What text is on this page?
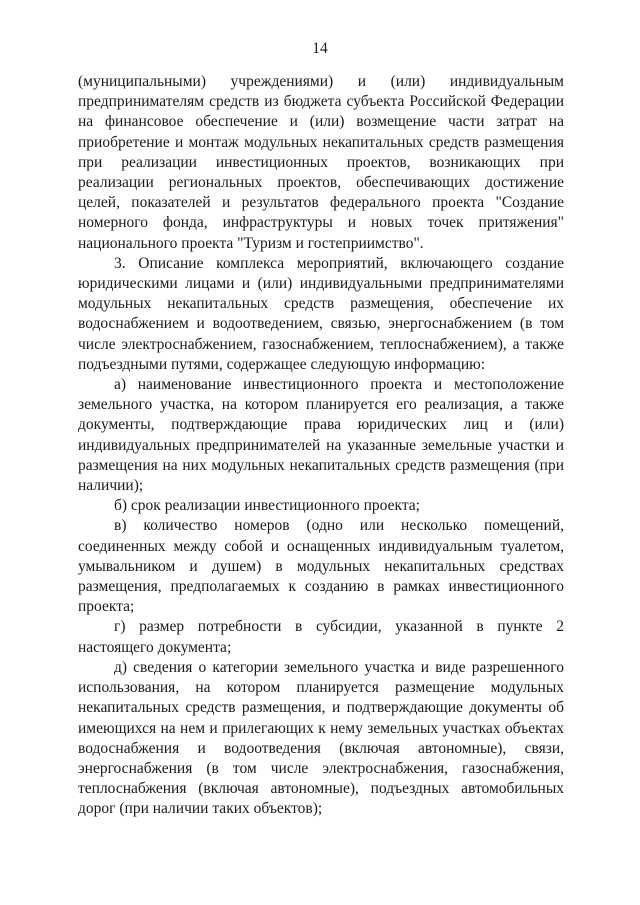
14

(муниципальными) учреждениями) и (или) индивидуальным предпринимателям средств из бюджета субъекта Российской Федерации на финансовое обеспечение и (или) возмещение части затрат на приобретение и монтаж модульных некапитальных средств размещения при реализации инвестиционных проектов, возникающих при реализации региональных проектов, обеспечивающих достижение целей, показателей и результатов федерального проекта "Создание номерного фонда, инфраструктуры и новых точек притяжения" национального проекта "Туризм и гостеприимство".

3. Описание комплекса мероприятий, включающего создание юридическими лицами и (или) индивидуальными предпринимателями модульных некапитальных средств размещения, обеспечение их водоснабжением и водоотведением, связью, энергоснабжением (в том числе электроснабжением, газоснабжением, теплоснабжением), а также подъездными путями, содержащее следующую информацию:

а) наименование инвестиционного проекта и местоположение земельного участка, на котором планируется его реализация, а также документы, подтверждающие права юридических лиц и (или) индивидуальных предпринимателей на указанные земельные участки и размещения на них модульных некапитальных средств размещения (при наличии);

б) срок реализации инвестиционного проекта;

в) количество номеров (одно или несколько помещений, соединенных между собой и оснащенных индивидуальным туалетом, умывальником и душем) в модульных некапитальных средствах размещения, предполагаемых к созданию в рамках инвестиционного проекта;

г) размер потребности в субсидии, указанной в пункте 2 настоящего документа;

д) сведения о категории земельного участка и виде разрешенного использования, на котором планируется размещение модульных некапитальных средств размещения, и подтверждающие документы об имеющихся на нем и прилегающих к нему земельных участках объектах водоснабжения и водоотведения (включая автономные), связи, энергоснабжения (в том числе электроснабжения, газоснабжения, теплоснабжения (включая автономные), подъездных автомобильных дорог (при наличии таких объектов);
